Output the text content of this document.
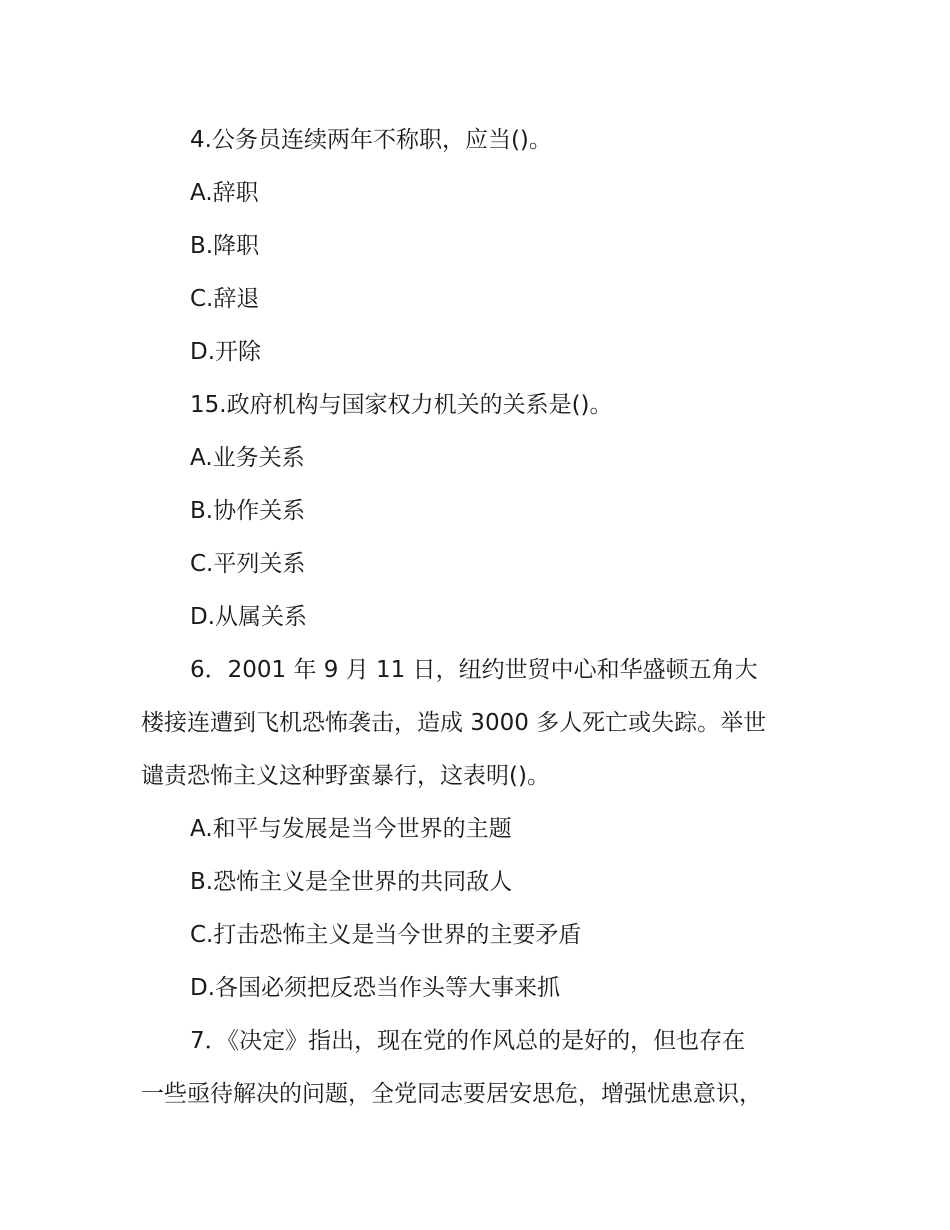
4.公务员连续两年不称职，应当()。
A.辞职
B.降职
C.辞退
D.开除
15.政府机构与国家权力机关的关系是()。
A.业务关系
B.协作关系
C.平列关系
D.从属关系
6．2001 年 9 月 11 日，纽约世贸中心和华盛顿五角大
楼接连遭到飞机恐怖袭击，造成 3000 多人死亡或失踪。举世
谴责恐怖主义这种野蛮暴行，这表明()。
A.和平与发展是当今世界的主题
B.恐怖主义是全世界的共同敌人
C.打击恐怖主义是当今世界的主要矛盾
D.各国必须把反恐当作头等大事来抓
7．《决定》指出，现在党的作风总的是好的，但也存在
一些亟待解决的问题，全党同志要居安思危，增强忧患意识，
